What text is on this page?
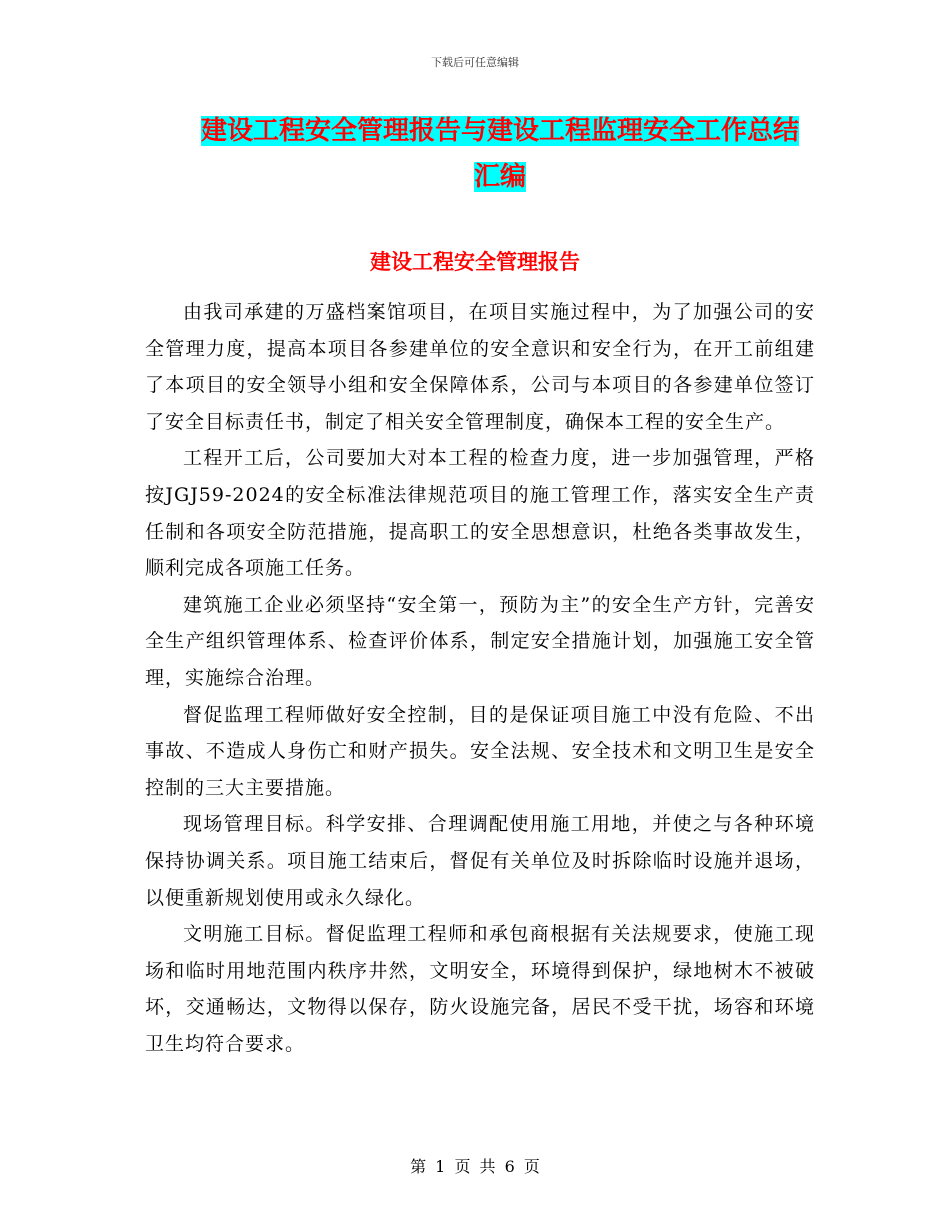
下载后可任意编辑
建设工程安全管理报告与建设工程监理安全工作总结
汇编
建设工程安全管理报告

由我司承建的万盛档案馆项目，在项目实施过程中，为了加强公司的安全管理力度，提高本项目各参建单位的安全意识和安全行为，在开工前组建了本项目的安全领导小组和安全保障体系，公司与本项目的各参建单位签订了安全目标责任书，制定了相关安全管理制度，确保本工程的安全生产。

工程开工后，公司要加大对本工程的检查力度，进一步加强管理，严格按JGJ59-2024的安全标准法律规范项目的施工管理工作，落实安全生产责任制和各项安全防范措施，提高职工的安全思想意识，杜绝各类事故发生，顺利完成各项施工任务。

建筑施工企业必须坚持“安全第一，预防为主”的安全生产方针，完善安全生产组织管理体系、检查评价体系，制定安全措施计划，加强施工安全管理，实施综合治理。

督促监理工程师做好安全控制，目的是保证项目施工中没有危险、不出事故、不造成人身伤亡和财产损失。安全法规、安全技术和文明卫生是安全控制的三大主要措施。

现场管理目标。科学安排、合理调配使用施工用地，并使之与各种环境保持协调关系。项目施工结束后，督促有关单位及时拆除临时设施并退场，以便重新规划使用或永久绿化。

文明施工目标。督促监理工程师和承包商根据有关法规要求，使施工现场和临时用地范围内秩序井然，文明安全，环境得到保护，绿地树木不被破坏，交通畅达，文物得以保存，防火设施完备，居民不受干扰，场容和环境卫生均符合要求。

第 1 页 共 6 页
